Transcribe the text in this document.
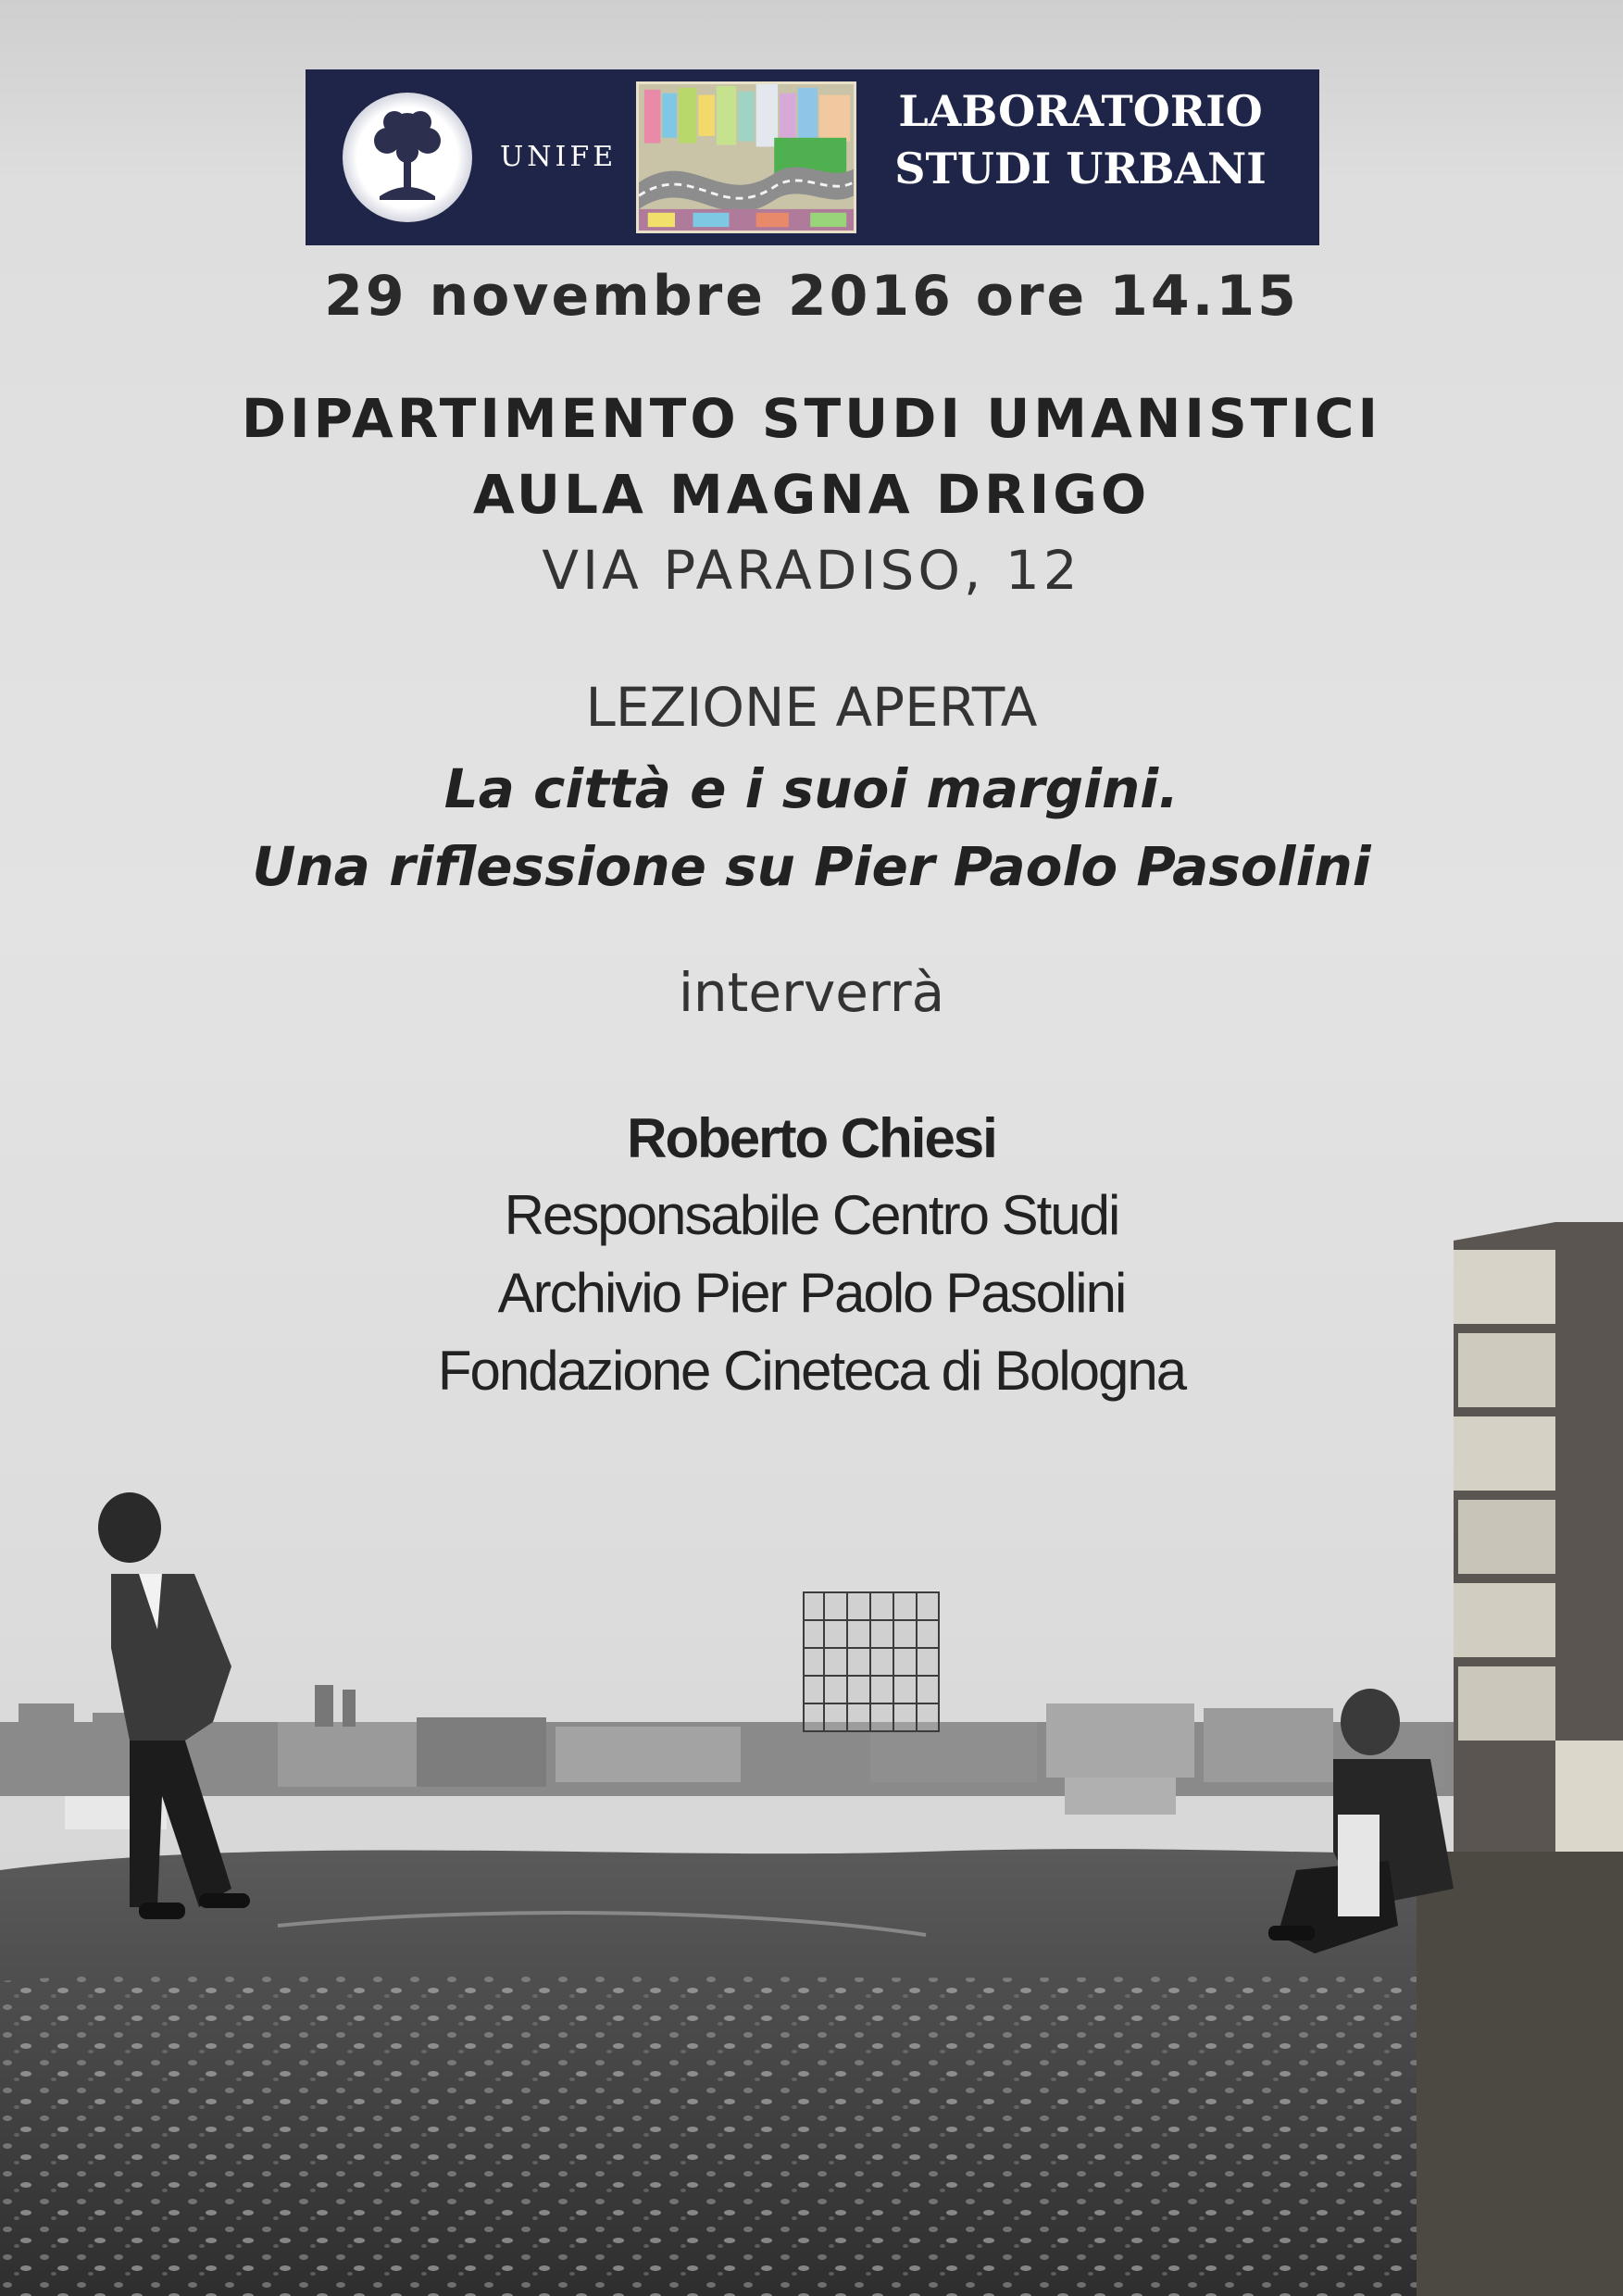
UNIFE
LABORATORIO
STUDI URBANI
29 novembre 2016 ore 14.15
DIPARTIMENTO STUDI UMANISTICI
AULA MAGNA DRIGO
VIA PARADISO, 12
LEZIONE APERTA
La città e i suoi margini.
Una riflessione su Pier Paolo Pasolini
interverrà
Roberto Chiesi
Responsabile Centro Studi
Archivio Pier Paolo Pasolini
Fondazione Cineteca di Bologna
